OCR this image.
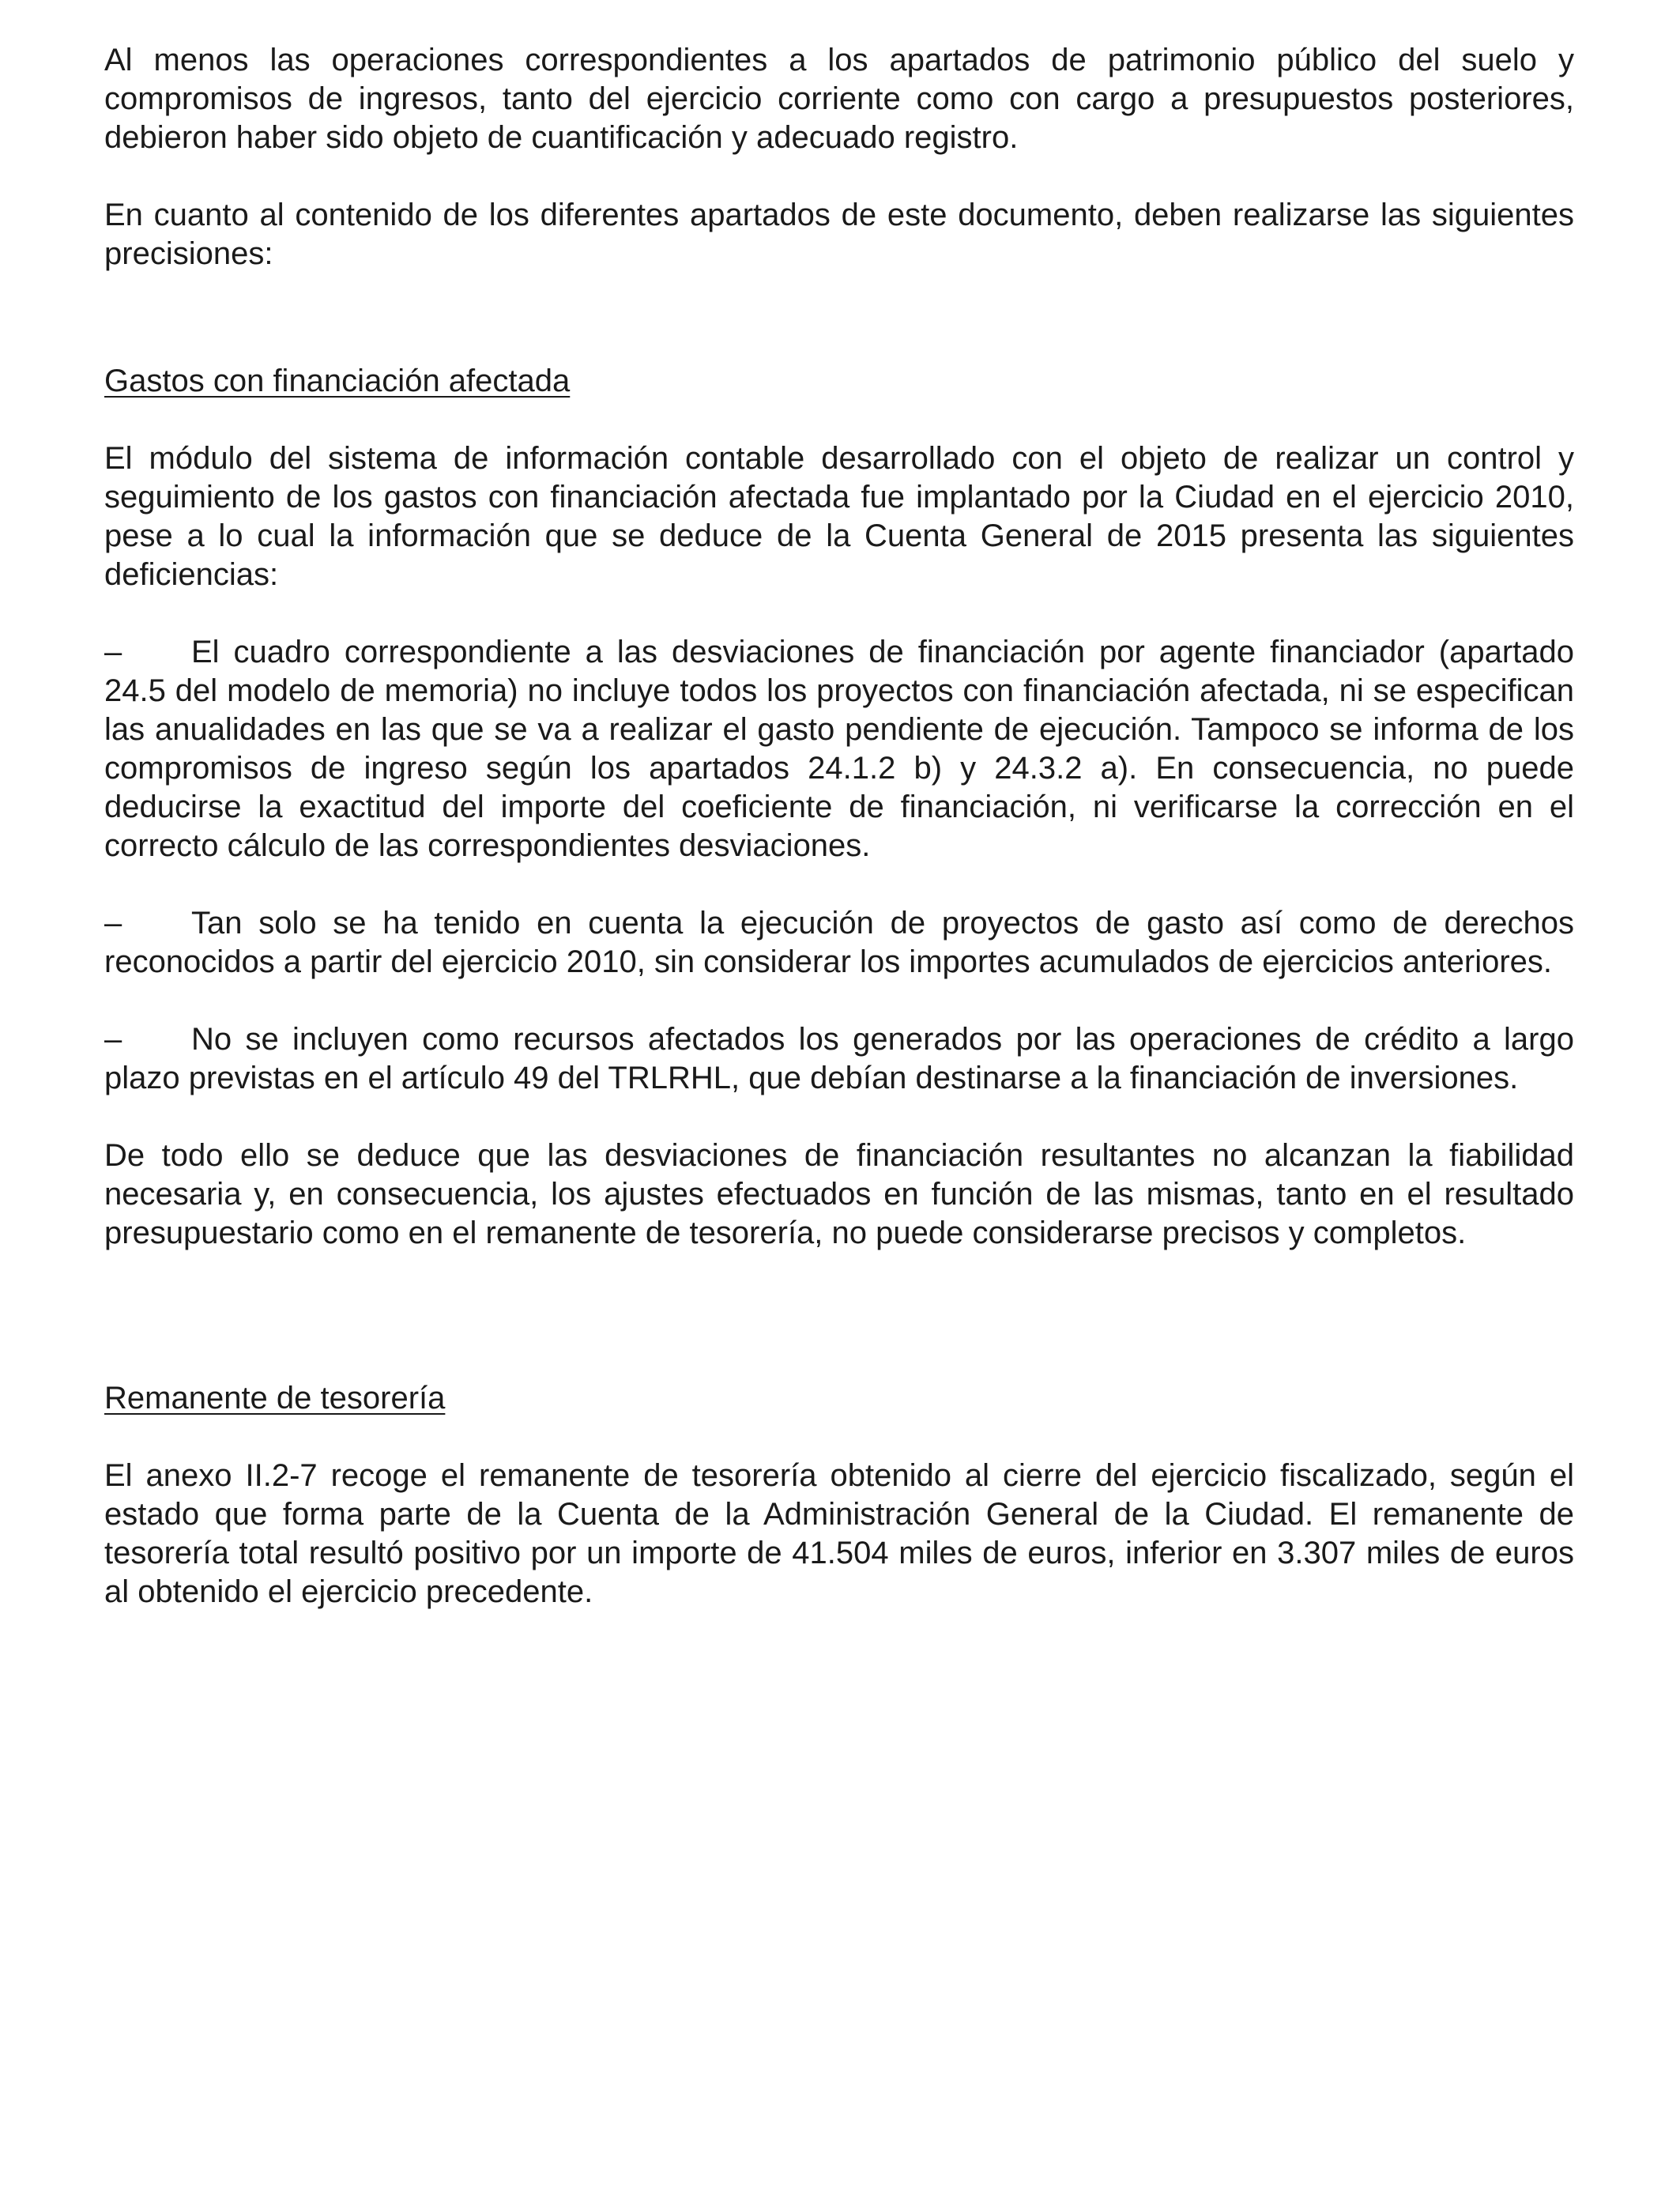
Al menos las operaciones correspondientes a los apartados de patrimonio público del suelo y compromisos de ingresos, tanto del ejercicio corriente como con cargo a presupuestos posteriores, debieron haber sido objeto de cuantificación y adecuado registro.

En cuanto al contenido de los diferentes apartados de este documento, deben realizarse las siguientes precisiones:

Gastos con financiación afectada

El módulo del sistema de información contable desarrollado con el objeto de realizar un control y seguimiento de los gastos con financiación afectada fue implantado por la Ciudad en el ejercicio 2010, pese a lo cual la información que se deduce de la Cuenta General de 2015 presenta las siguientes deficiencias:

– El cuadro correspondiente a las desviaciones de financiación por agente financiador (apartado 24.5 del modelo de memoria) no incluye todos los proyectos con financiación afectada, ni se especifican las anualidades en las que se va a realizar el gasto pendiente de ejecución. Tampoco se informa de los compromisos de ingreso según los apartados 24.1.2 b) y 24.3.2 a). En consecuencia, no puede deducirse la exactitud del importe del coeficiente de financiación, ni verificarse la corrección en el correcto cálculo de las correspondientes desviaciones.

– Tan solo se ha tenido en cuenta la ejecución de proyectos de gasto así como de derechos reconocidos a partir del ejercicio 2010, sin considerar los importes acumulados de ejercicios anteriores.

– No se incluyen como recursos afectados los generados por las operaciones de crédito a largo plazo previstas en el artículo 49 del TRLRHL, que debían destinarse a la financiación de inversiones.

De todo ello se deduce que las desviaciones de financiación resultantes no alcanzan la fiabilidad necesaria y, en consecuencia, los ajustes efectuados en función de las mismas, tanto en el resultado presupuestario como en el remanente de tesorería, no puede considerarse precisos y completos.

Remanente de tesorería

El anexo II.2-7 recoge el remanente de tesorería obtenido al cierre del ejercicio fiscalizado, según el estado que forma parte de la Cuenta de la Administración General de la Ciudad. El remanente de tesorería total resultó positivo por un importe de 41.504 miles de euros, inferior en 3.307 miles de euros al obtenido el ejercicio precedente.
